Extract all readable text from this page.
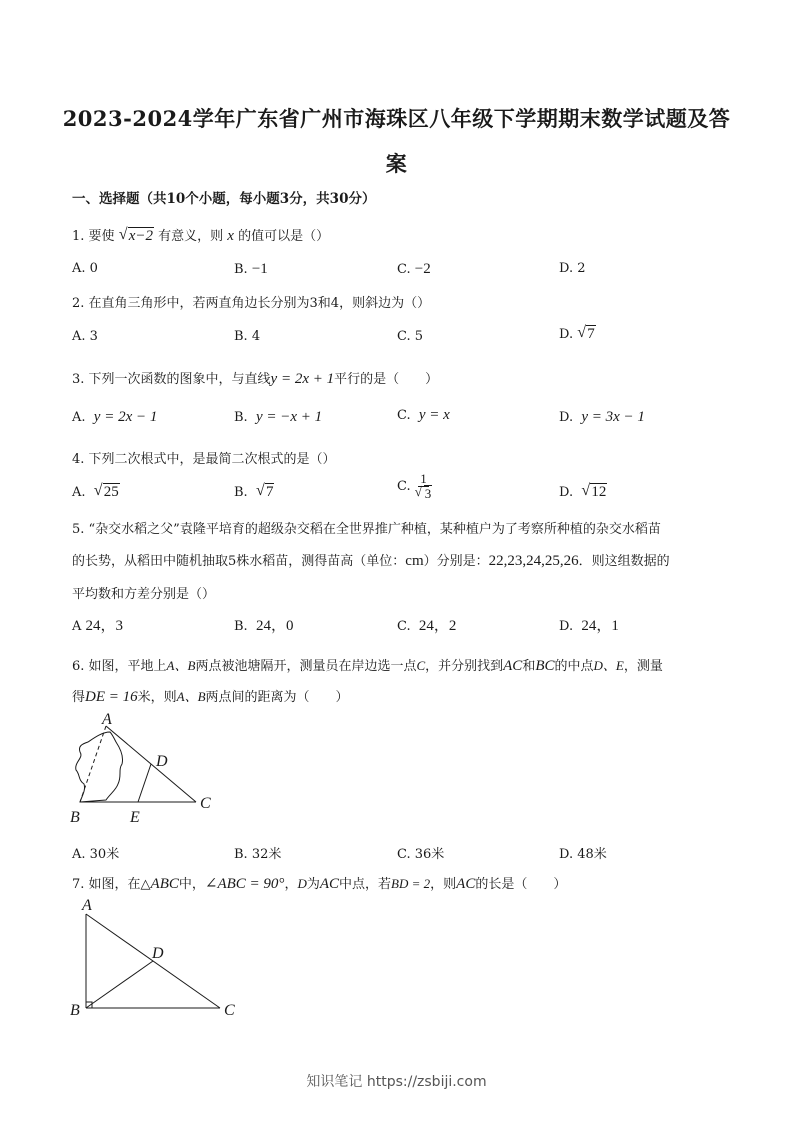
2023-2024学年广东省广州市海珠区八年级下学期期末数学试题及答
案
一、选择题（共10个小题，每小题3分，共30分）
1. 要使 √ x−2 有意义，则 x 的值可以是（）
A. 0	B. −1	C. −2	D. 2
2. 在直角三角形中，若两直角边长分别为3和4，则斜边为（）
A. 3	B. 4	C. 5	D. √ 7
3. 下列一次函数的图象中，与直线y = 2x + 1平行的是（　　）
A. y = 2x − 1	B. y = −x + 1	C. y = x	D. y = 3x − 1
4. 下列二次根式中，是最简二次根式的是（）
A. √ 25	B. √ 7	C. $\frac{1}{√ 3}$	D. √ 12
5. “杂交水稻之父”袁隆平培育的超级杂交稻在全世界推广种植，某种植户为了考察所种植的杂交水稻苗
的长势，从稻田中随机抽取5株水稻苗，测得苗高（单位：cm）分别是：22,23,24,25,26．则这组数据的
平均数和方差分别是（）
A 24，3	B. 24，0	C. 24，2	D. 24，1
6. 如图，平地上A、B两点被池塘隔开，测量员在岸边选一点C，并分别找到AC和BC的中点D、E，测量
得DE = 16米，则A、B两点间的距离为（　　）
A
B
C
D
E
A. 30米	B. 32米	C. 36米	D. 48米
7. 如图，在△ABC中，∠ABC = 90°，D为AC中点，若BD = 2，则AC的长是（　　）
A
B	C
D
知识笔记 https://zsbiji.com
